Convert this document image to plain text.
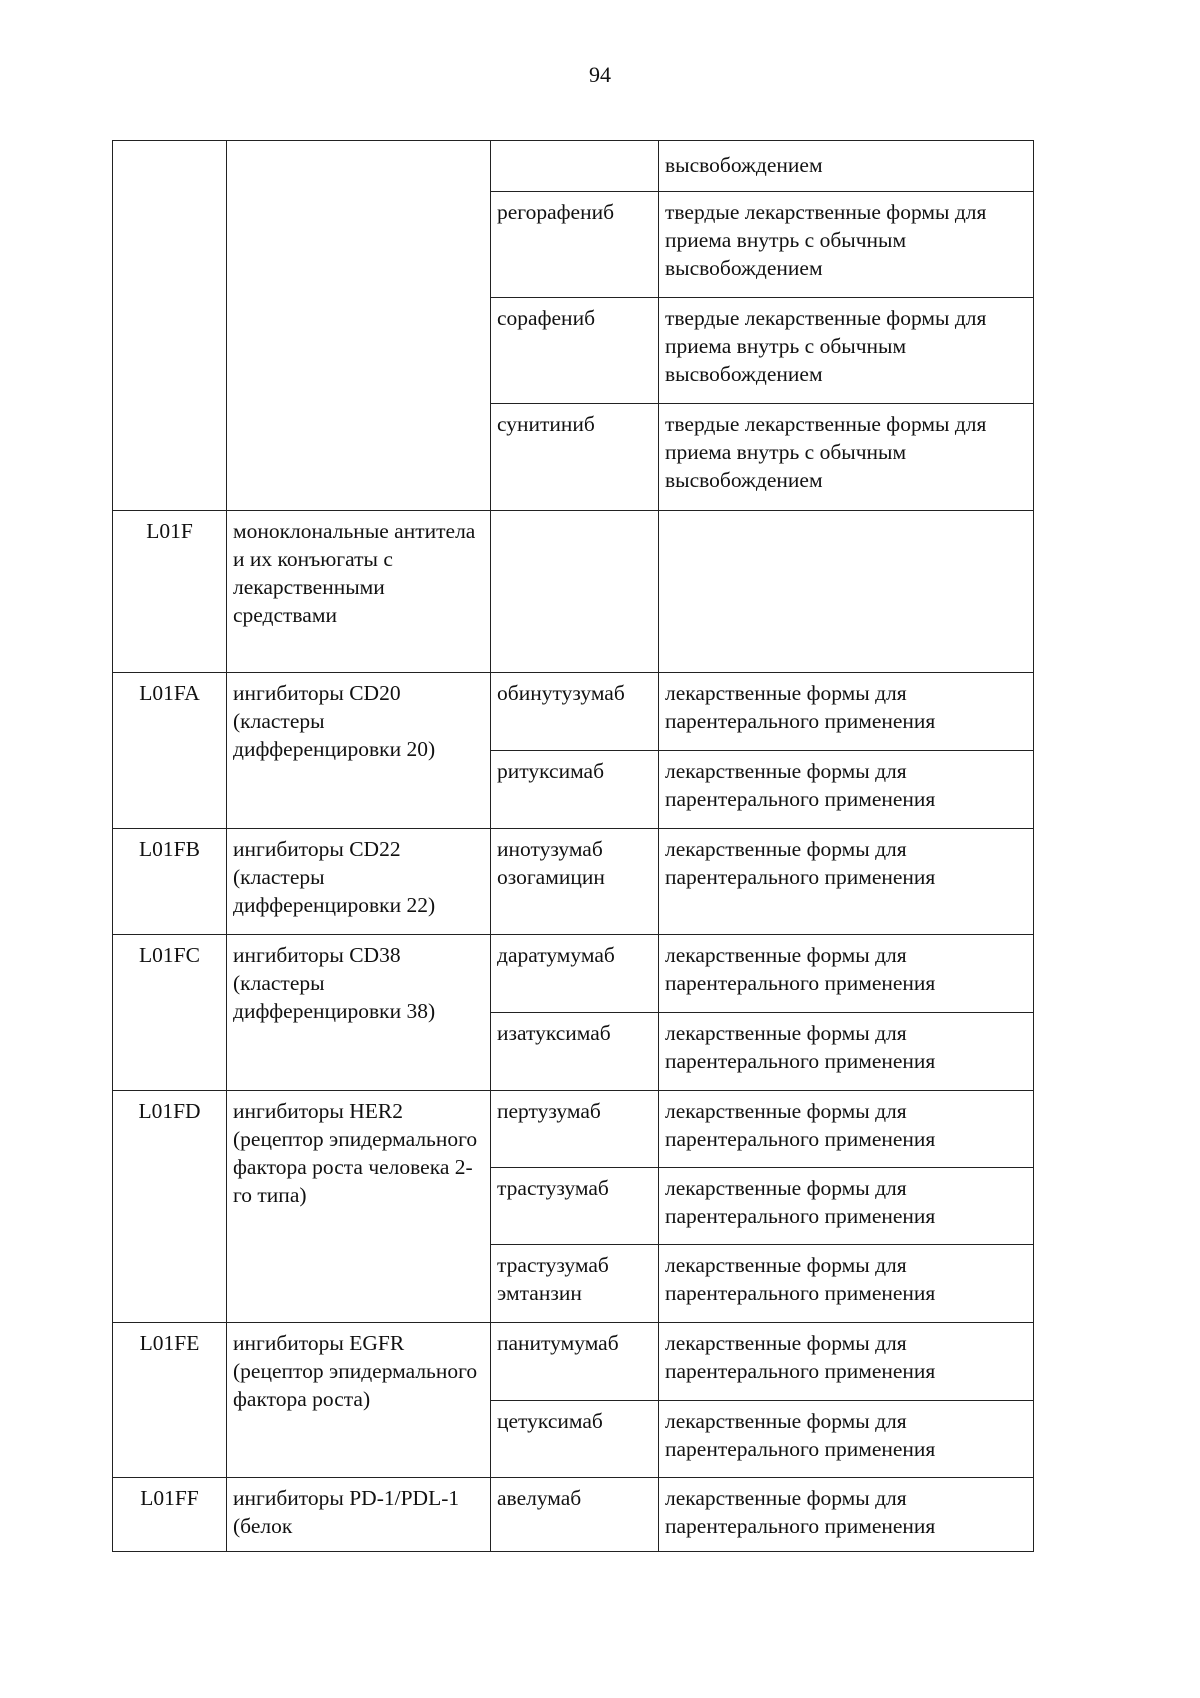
94
			высвобождением
		регорафениб	твердые лекарственные формы для приема внутрь с обычным высвобождением
		сорафениб	твердые лекарственные формы для приема внутрь с обычным высвобождением
		сунитиниб	твердые лекарственные формы для приема внутрь с обычным высвобождением
L01F	моноклональные антитела и их конъюгаты с лекарственными средствами		
L01FA	ингибиторы CD20 (кластеры дифференцировки 20)	обинутузумаб	лекарственные формы для парентерального применения
		ритуксимаб	лекарственные формы для парентерального применения
L01FB	ингибиторы CD22 (кластеры дифференцировки 22)	инотузумаб озогамицин	лекарственные формы для парентерального применения
L01FC	ингибиторы CD38 (кластеры дифференцировки 38)	даратумумаб	лекарственные формы для парентерального применения
		изатуксимаб	лекарственные формы для парентерального применения
L01FD	ингибиторы HER2 (рецептор эпидермального фактора роста человека 2-го типа)	пертузумаб	лекарственные формы для парентерального применения
		трастузумаб	лекарственные формы для парентерального применения
		трастузумаб эмтанзин	лекарственные формы для парентерального применения
L01FE	ингибиторы EGFR (рецептор эпидермального фактора роста)	панитумумаб	лекарственные формы для парентерального применения
		цетуксимаб	лекарственные формы для парентерального применения
L01FF	ингибиторы PD-1/PDL-1 (белок	авелумаб	лекарственные формы для парентерального применения
